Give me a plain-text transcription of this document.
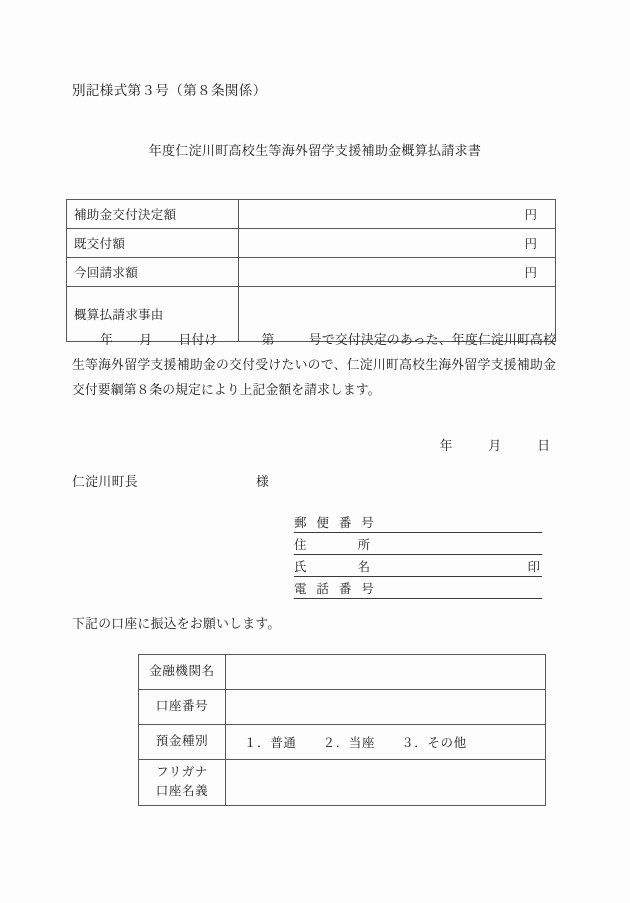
別記様式第３号（第８条関係）
年度仁淀川町高校生等海外留学支援補助金概算払請求書
補助金交付決定額	円
既交付額	円
今回請求額	円
概算払請求事由	
年 月 日付け	第	号で交付決定のあった、年度仁淀川町高校生等海外留学支援補助金の交付受けたいので、仁淀川町高校生海外留学支援補助金交付要綱第８条の規定により上記金額を請求します。
年	月	日
仁淀川町長	様
郵 便 番 号
住　　　所
氏　　　名	印
電 話 番 号
下記の口座に振込をお願いします。
金融機関名	
口座番号	
預金種別	１．普通　　２．当座　　３．その他

フリガナ
口座名義	
